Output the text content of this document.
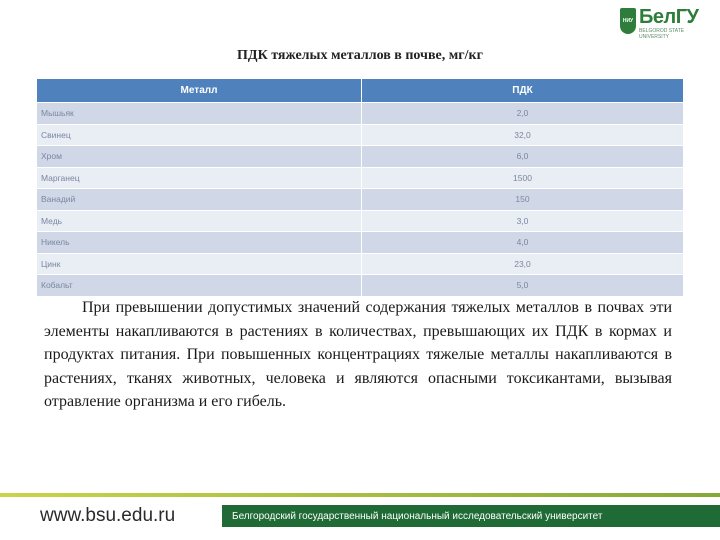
НИУ БелГУ
BELGOROD STATE
UNIVERSITY
ПДК тяжелых металлов в почве, мг/кг
Металл	ПДК
Мышьяк	2,0
Свинец	32,0
Хром	6,0
Марганец	1500
Ванадий	150
Медь	3,0
Никель	4,0
Цинк	23,0
Кобальт	5,0

При превышении допустимых значений содержания тяжелых металлов в почвах эти элементы накапливаются в растениях в количествах, превышающих их ПДК в кормах и продуктах питания. При повышенных концентрациях тяжелые металлы накапливаются в растениях, тканях животных, человека и являются опасными токсикантами, вызывая отравление организма и его гибель.

www.bsu.edu.ru	Белгородский государственный национальный исследовательский университет
